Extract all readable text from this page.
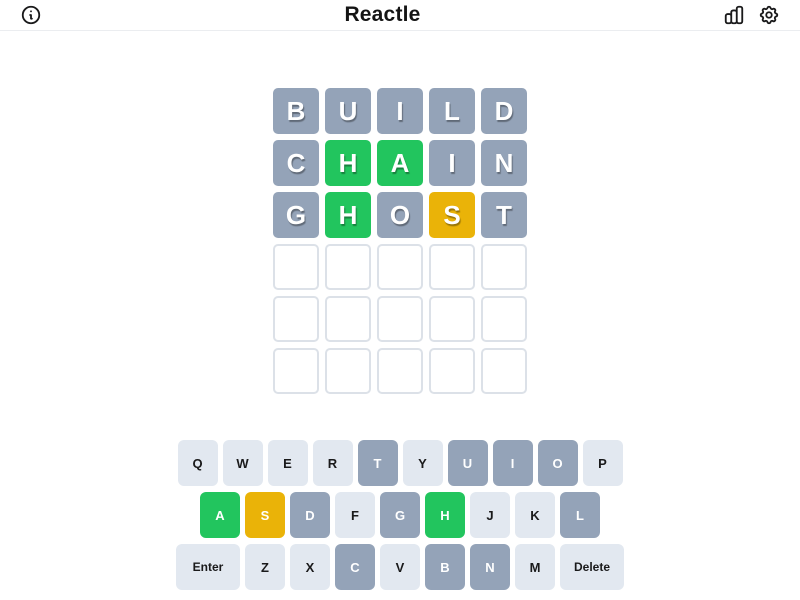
Reactle
B	U	I	L	D
C	H	A	I	N
G	H	O	S	T
Q	W	E	R	T	Y	U	I	O	P
A	S	D	F	G	H	J	K	L
Enter	Z	X	C	V	B	N	M	Delete
